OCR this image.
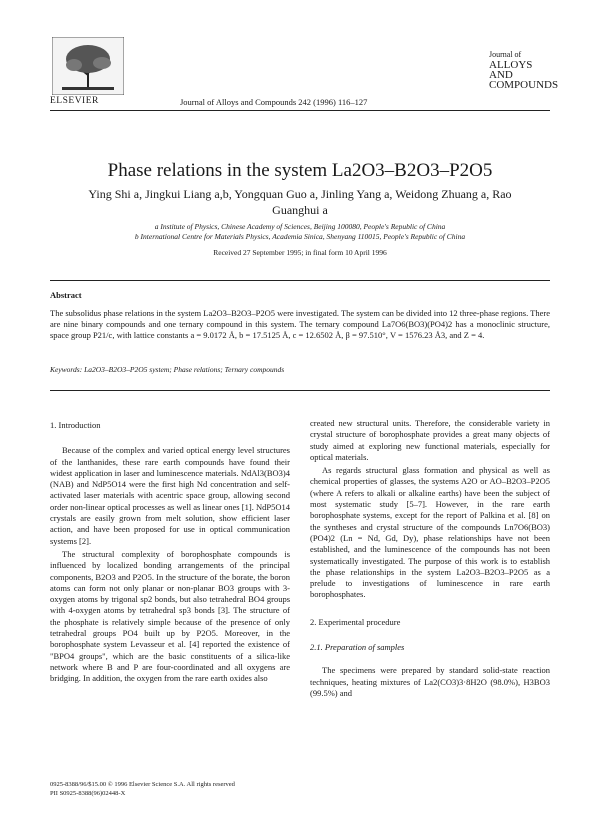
ELSEVIER	Journal of Alloys and Compounds 242 (1996) 116–127
Journal of

ALLOYS
AND COMPOUNDS
Phase relations in the system La2O3–B2O3–P2O5
Ying Shi a, Jingkui Liang a,b, Yongquan Guo a, Jinling Yang a, Weidong Zhuang a, Rao Guanghui a
a Institute of Physics, Chinese Academy of Sciences, Beijing 100080, People's Republic of China
b International Centre for Materials Physics, Academia Sinica, Shenyang 110015, People's Republic of China
Received 27 September 1995; in final form 10 April 1996
Abstract
The subsolidus phase relations in the system La2O3–B2O3–P2O5 were investigated. The system can be divided into 12 three-phase regions. There are nine binary compounds and one ternary compound in this system. The ternary compound La7O6(BO3)(PO4)2 has a monoclinic structure, space group P21/c, with lattice constants a = 9.0172 Å, b = 17.5125 Å, c = 12.6502 Å, β = 97.510°, V = 1576.23 Å3, and Z = 4.
Keywords: La2O3–B2O3–P2O5 system; Phase relations; Ternary compounds
1. Introduction

Because of the complex and varied optical energy level structures of the lanthanides, these rare earth compounds have found their widest application in laser and luminescence materials. NdAl3(BO3)4 (NAB) and NdP5O14 were the first high Nd concentration and self-activated laser materials with acentric space group, allowing second order non-linear optical processes as well as linear ones [1]. NdP5O14 crystals are easily grown from melt solution, show efficient laser action, and have been proposed for use in optical communication systems [2].

The structural complexity of borophosphate compounds is influenced by localized bonding arrangements of the principal components, B2O3 and P2O5. In the structure of the borate, the boron atoms can form not only planar or non-planar BO3 groups with 3-oxygen atoms by trigonal sp2 bonds, but also tetrahedral BO4 groups with 4-oxygen atoms by tetrahedral sp3 bonds [3]. The structure of the phosphate is relatively simple because of the presence of only tetrahedral groups PO4 built up by P2O5. Moreover, in the borophosphate system Levasseur et al. [4] reported the existence of "BPO4 groups", which are the basic constituents of a silica-like network where B and P are four-coordinated and all oxygens are bridging. In addition, the oxygen from the rare earth oxides also

created new structural units. Therefore, the considerable variety in crystal structure of borophosphate provides a great many objects of study aimed at exploring new functional materials, especially for optical materials.

As regards structural glass formation and physical as well as chemical properties of glasses, the systems A2O or AO–B2O3–P2O5 (where A refers to alkali or alkaline earths) have been the subject of most systematic study [5–7]. However, in the rare earth borophosphate systems, except for the report of Palkina et al. [8] on the syntheses and crystal structure of the compounds Ln7O6(BO3)(PO4)2 (Ln = Nd, Gd, Dy), phase relationships have not been established, and the luminescence of the compounds has not been systematically investigated. The purpose of this work is to establish the phase relationships in the system La2O3–B2O3–P2O5 as a prelude to investigations of luminescence in rare earth borophosphates.

2. Experimental procedure
2.1. Preparation of samples

The specimens were prepared by standard solid-state reaction techniques, heating mixtures of La2(CO3)3·8H2O (98.0%), H3BO3 (99.5%) and

0925-8388/96/$15.00 © 1996 Elsevier Science S.A. All rights reserved
PII S0925-8388(96)02448-X
